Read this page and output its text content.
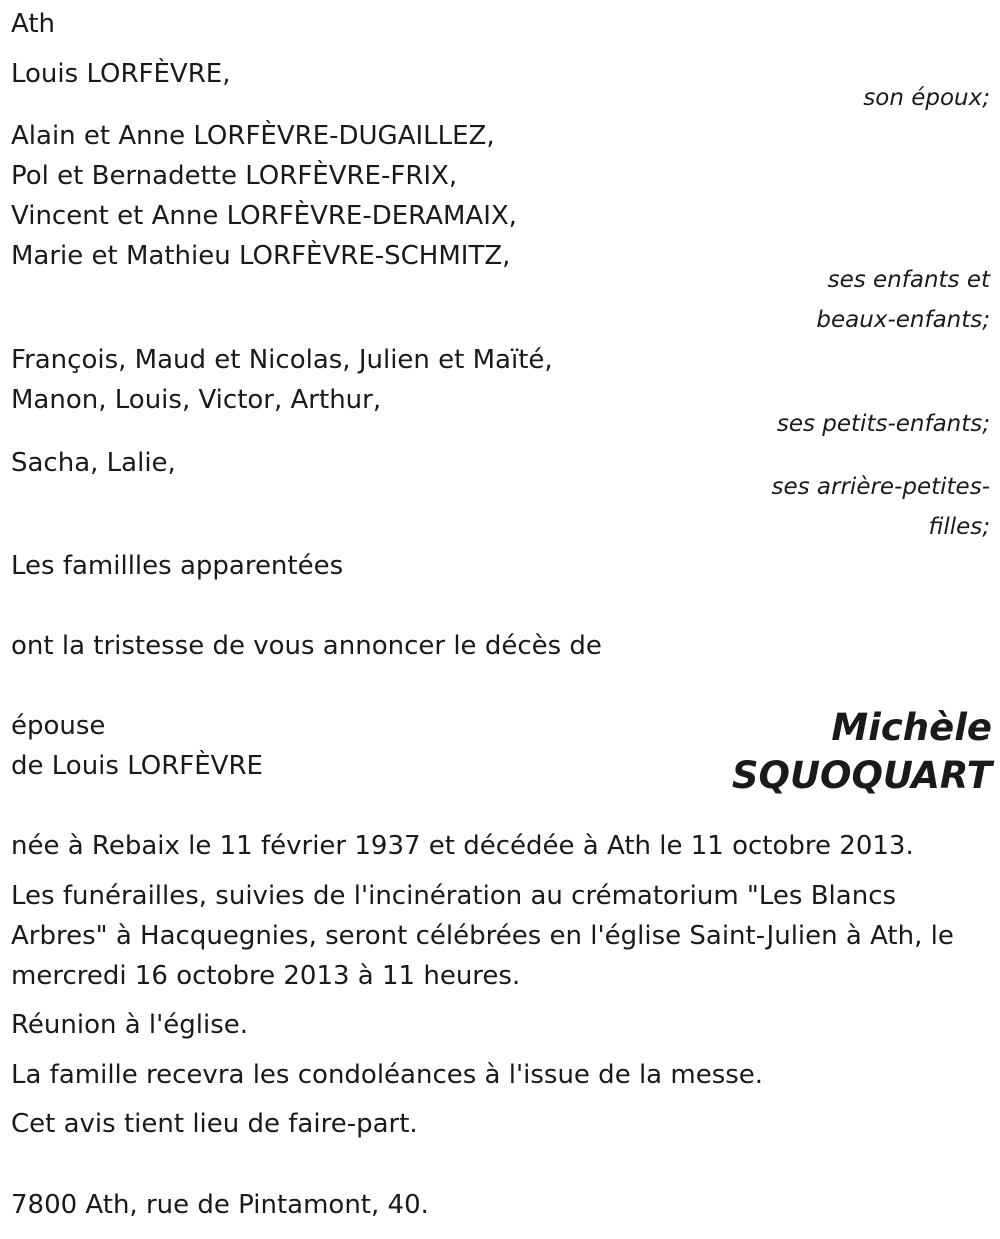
Ath

Louis LORFÈVRE,

son époux;

Alain et Anne LORFÈVRE-DUGAILLEZ,

Pol et Bernadette LORFÈVRE-FRIX,

Vincent et Anne LORFÈVRE-DERAMAIX,

Marie et Mathieu LORFÈVRE-SCHMITZ,

ses enfants et

beaux-enfants;

François, Maud et Nicolas, Julien et Maïté,

Manon, Louis, Victor, Arthur,

ses petits-enfants;

Sacha, Lalie,

ses arrière-petites-

filles;

Les famillles apparentées

ont la tristesse de vous annoncer le décès de

épouse

de Louis LORFÈVRE

Michèle

SQUOQUART

née à Rebaix le 11 février 1937 et décédée à Ath le 11 octobre 2013.

Les funérailles, suivies de l'incinération au crématorium "Les Blancs Arbres" à Hacquegnies, seront célébrées en l'église Saint-Julien à Ath, le mercredi 16 octobre 2013 à 11 heures.

Réunion à l'église.

La famille recevra les condoléances à l'issue de la messe.

Cet avis tient lieu de faire-part.

7800 Ath, rue de Pintamont, 40.
